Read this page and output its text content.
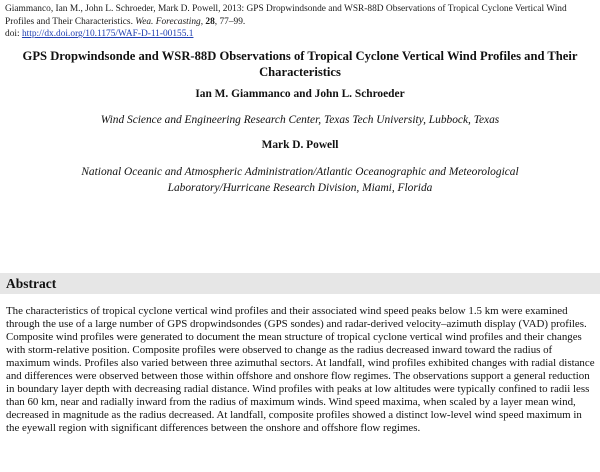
Giammanco, Ian M., John L. Schroeder, Mark D. Powell, 2013: GPS Dropwindsonde and WSR-88D Observations of Tropical Cyclone Vertical Wind Profiles and Their Characteristics. Wea. Forecasting, 28, 77–99.
doi: http://dx.doi.org/10.1175/WAF-D-11-00155.1
GPS Dropwindsonde and WSR-88D Observations of Tropical Cyclone Vertical Wind Profiles and Their Characteristics
Ian M. Giammanco and John L. Schroeder
Wind Science and Engineering Research Center, Texas Tech University, Lubbock, Texas
Mark D. Powell
National Oceanic and Atmospheric Administration/Atlantic Oceanographic and Meteorological Laboratory/Hurricane Research Division, Miami, Florida
Abstract
The characteristics of tropical cyclone vertical wind profiles and their associated wind speed peaks below 1.5 km were examined through the use of a large number of GPS dropwindsondes (GPS sondes) and radar-derived velocity–azimuth display (VAD) profiles. Composite wind profiles were generated to document the mean structure of tropical cyclone vertical wind profiles and their changes with storm-relative position. Composite profiles were observed to change as the radius decreased inward toward the radius of maximum winds. Profiles also varied between three azimuthal sectors. At landfall, wind profiles exhibited changes with radial distance and differences were observed between those within offshore and onshore flow regimes. The observations support a general reduction in boundary layer depth with decreasing radial distance. Wind profiles with peaks at low altitudes were typically confined to radii less than 60 km, near and radially inward from the radius of maximum winds. Wind speed maxima, when scaled by a layer mean wind, decreased in magnitude as the radius decreased. At landfall, composite profiles showed a distinct low-level wind speed maximum in the eyewall region with significant differences between the onshore and offshore flow regimes.
